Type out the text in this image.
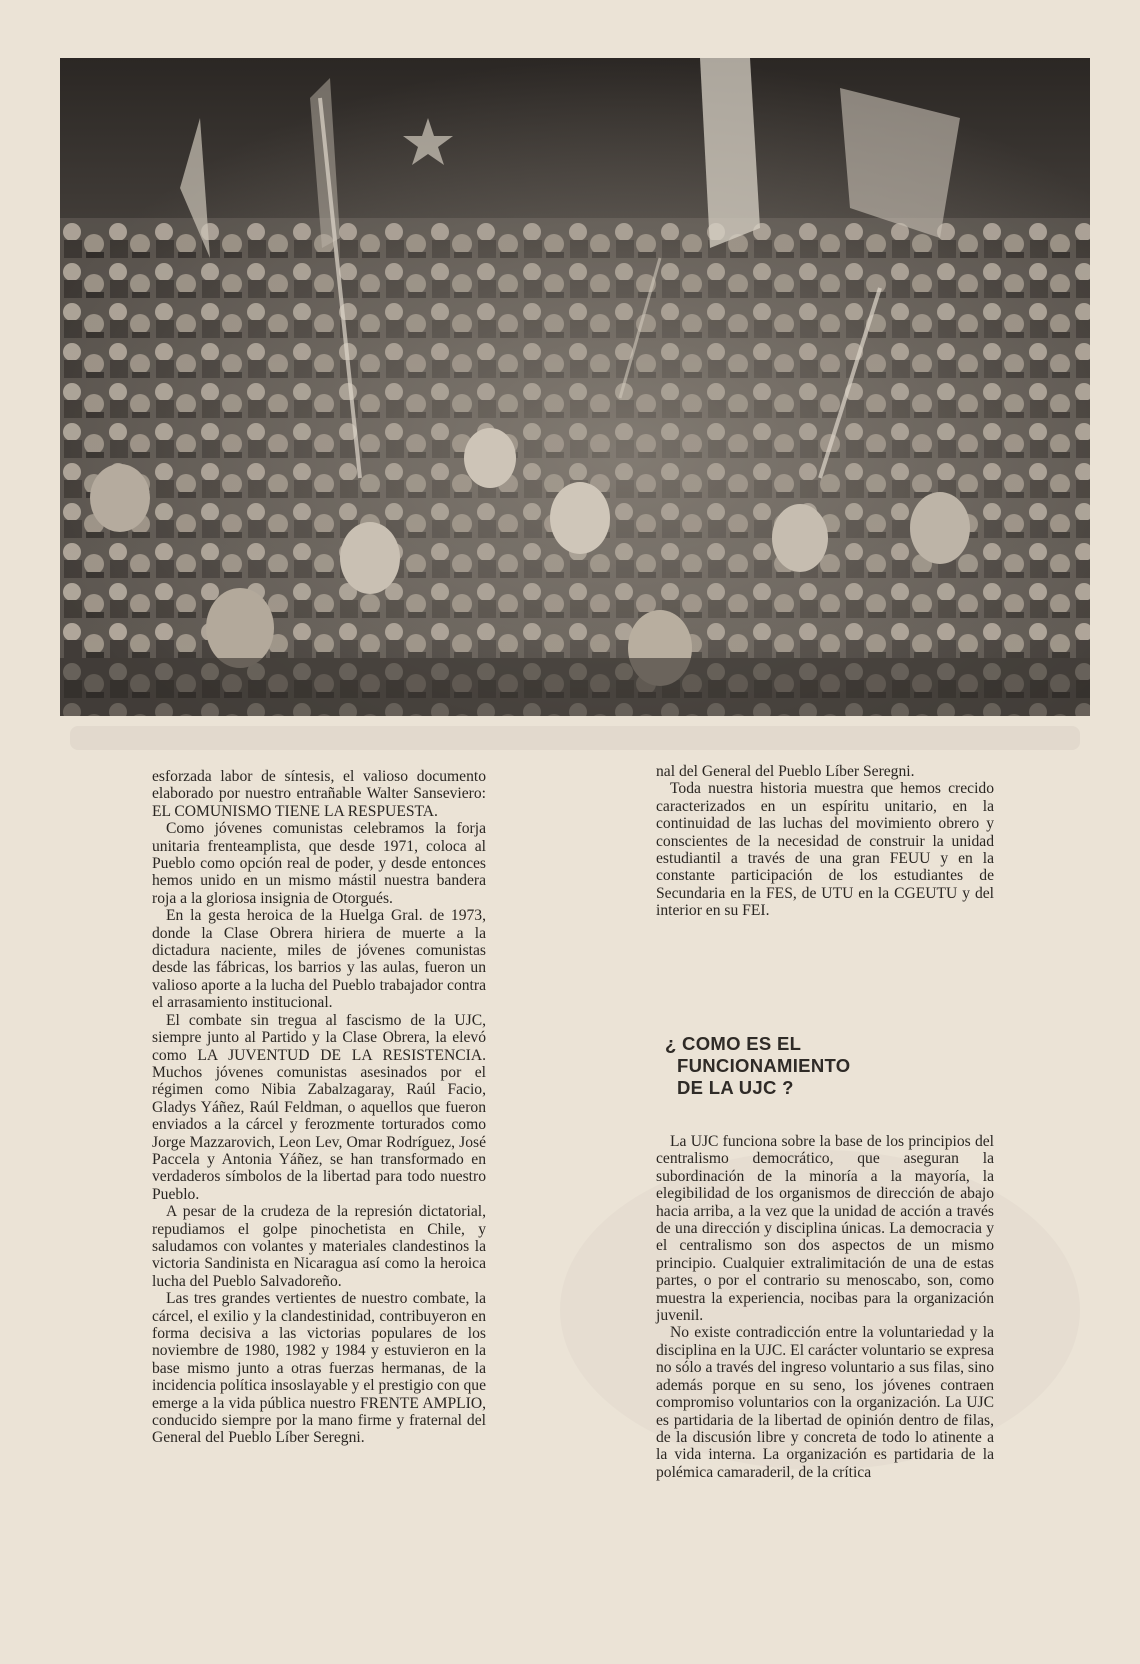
esforzada labor de síntesis, el valioso documento elaborado por nuestro entrañable Walter Sanseviero: EL COMUNISMO TIENE LA RESPUESTA.

Como jóvenes comunistas celebramos la forja unitaria frenteamplista, que desde 1971, coloca al Pueblo como opción real de poder, y desde entonces hemos unido en un mismo mástil nuestra bandera roja a la gloriosa insignia de Otorgués.

En la gesta heroica de la Huelga Gral. de 1973, donde la Clase Obrera hiriera de muerte a la dictadura naciente, miles de jóvenes comunistas desde las fábricas, los barrios y las aulas, fueron un valioso aporte a la lucha del Pueblo trabajador contra el arrasamiento institucional.

El combate sin tregua al fascismo de la UJC, siempre junto al Partido y la Clase Obrera, la elevó como LA JUVENTUD DE LA RESISTENCIA. Muchos jóvenes comunistas asesinados por el régimen como Nibia Zabalzagaray, Raúl Facio, Gladys Yáñez, Raúl Feldman, o aquellos que fueron enviados a la cárcel y ferozmente torturados como Jorge Mazzarovich, Leon Lev, Omar Rodríguez, José Paccela y Antonia Yáñez, se han transformado en verdaderos símbolos de la libertad para todo nuestro Pueblo.

A pesar de la crudeza de la represión dictatorial, repudiamos el golpe pinochetista en Chile, y saludamos con volantes y materiales clandestinos la victoria Sandinista en Nicaragua así como la heroica lucha del Pueblo Salvadoreño.

Las tres grandes vertientes de nuestro combate, la cárcel, el exilio y la clandestinidad, contribuyeron en forma decisiva a las victorias populares de los noviembre de 1980, 1982 y 1984 y estuvieron en la base mismo junto a otras fuerzas hermanas, de la incidencia política insoslayable y el prestigio con que emerge a la vida pública nuestro FRENTE AMPLIO, conducido siempre por la mano firme y fraternal del General del Pueblo Líber Seregni.

nal del General del Pueblo Líber Seregni.

Toda nuestra historia muestra que hemos crecido caracterizados en un espíritu unitario, en la continuidad de las luchas del movimiento obrero y conscientes de la necesidad de construir la unidad estudiantil a través de una gran FEUU y en la constante participación de los estudiantes de Secundaria en la FES, de UTU en la CGEUTU y del interior en su FEI.

¿ COMO ES EL
FUNCIONAMIENTO
DE LA UJC ?

La UJC funciona sobre la base de los principios del centralismo democrático, que aseguran la subordinación de la minoría a la mayoría, la elegibilidad de los organismos de dirección de abajo hacia arriba, a la vez que la unidad de acción a través de una dirección y disciplina únicas. La democracia y el centralismo son dos aspectos de un mismo principio. Cualquier extralimitación de una de estas partes, o por el contrario su menoscabo, son, como muestra la experiencia, nocibas para la organización juvenil.

No existe contradicción entre la voluntariedad y la disciplina en la UJC. El carácter voluntario se expresa no sólo a través del ingreso voluntario a sus filas, sino además porque en su seno, los jóvenes contraen compromiso voluntarios con la organización. La UJC es partidaria de la libertad de opinión dentro de filas, de la discusión libre y concreta de todo lo atinente a la vida interna. La organización es partidaria de la polémica camaraderil, de la crítica
